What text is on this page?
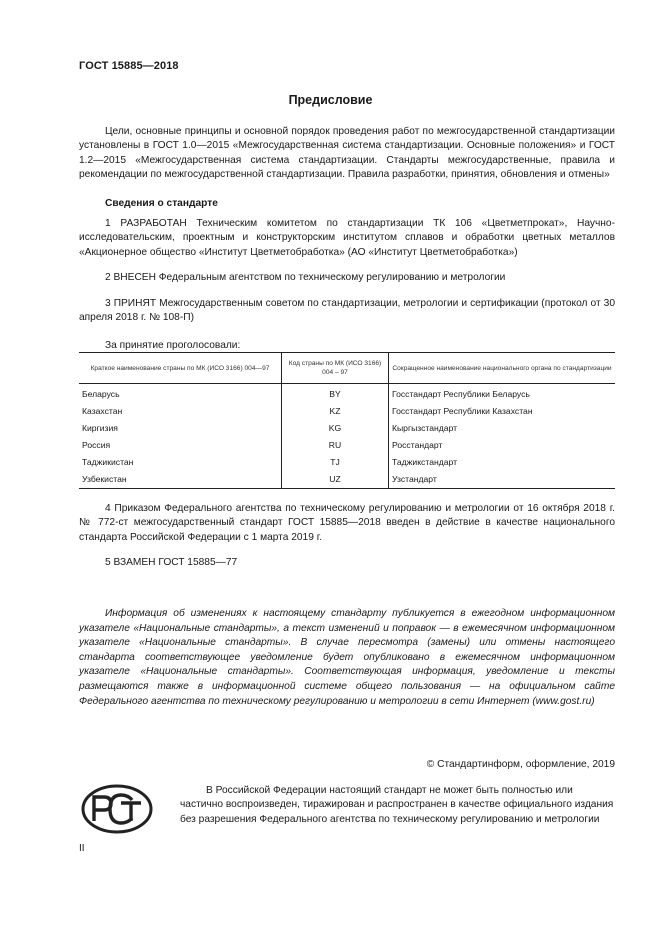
ГОСТ 15885—2018
Предисловие
Цели, основные принципы и основной порядок проведения работ по межгосударственной стандартизации установлены в ГОСТ 1.0—2015 «Межгосударственная система стандартизации. Основные положения» и ГОСТ 1.2—2015 «Межгосударственная система стандартизации. Стандарты межгосударственные, правила и рекомендации по межгосударственной стандартизации. Правила разработки, принятия, обновления и отмены»
Сведения о стандарте
1 РАЗРАБОТАН Техническим комитетом по стандартизации ТК 106 «Цветметпрокат», Научно-исследовательским, проектным и конструкторским институтом сплавов и обработки цветных металлов «Акционерное общество «Институт Цветметобработка» (АО «Институт Цветметобработка»)
2 ВНЕСЕН Федеральным агентством по техническому регулированию и метрологии
3 ПРИНЯТ Межгосударственным советом по стандартизации, метрологии и сертификации (протокол от 30 апреля 2018 г. № 108-П)
За принятие проголосовали:
Краткое наименование страны по МК (ИСО 3166) 004—97	Код страны по МК (ИСО 3166) 004 – 97	Сокращенное наименование национального органа по стандартизации
Беларусь	BY	Госстандарт Республики Беларусь
Казахстан	KZ	Госстандарт Республики Казахстан
Киргизия	KG	Кыргызстандарт
Россия	RU	Росстандарт
Таджикистан	TJ	Таджикстандарт
Узбекистан	UZ	Узстандарт
4 Приказом Федерального агентства по техническому регулированию и метрологии от 16 октября 2018 г. № 772-ст межгосударственный стандарт ГОСТ 15885—2018 введен в действие в качестве национального стандарта Российской Федерации с 1 марта 2019 г.
5 ВЗАМЕН ГОСТ 15885—77
Информация об изменениях к настоящему стандарту публикуется в ежегодном информационном указателе «Национальные стандарты», а текст изменений и поправок — в ежемесячном информационном указателе «Национальные стандарты». В случае пересмотра (замены) или отмены настоящего стандарта соответствующее уведомление будет опубликовано в ежемесячном информационном указателе «Национальные стандарты». Соответствующая информация, уведомление и тексты размещаются также в информационной системе общего пользования — на официальном сайте Федерального агентства по техническому регулированию и метрологии в сети Интернет (www.gost.ru)
© Стандартинформ, оформление, 2019
В Российской Федерации настоящий стандарт не может быть полностью или частично воспроизведен, тиражирован и распространен в качестве официального издания без разрешения Федерального агентства по техническому регулированию и метрологии
II
